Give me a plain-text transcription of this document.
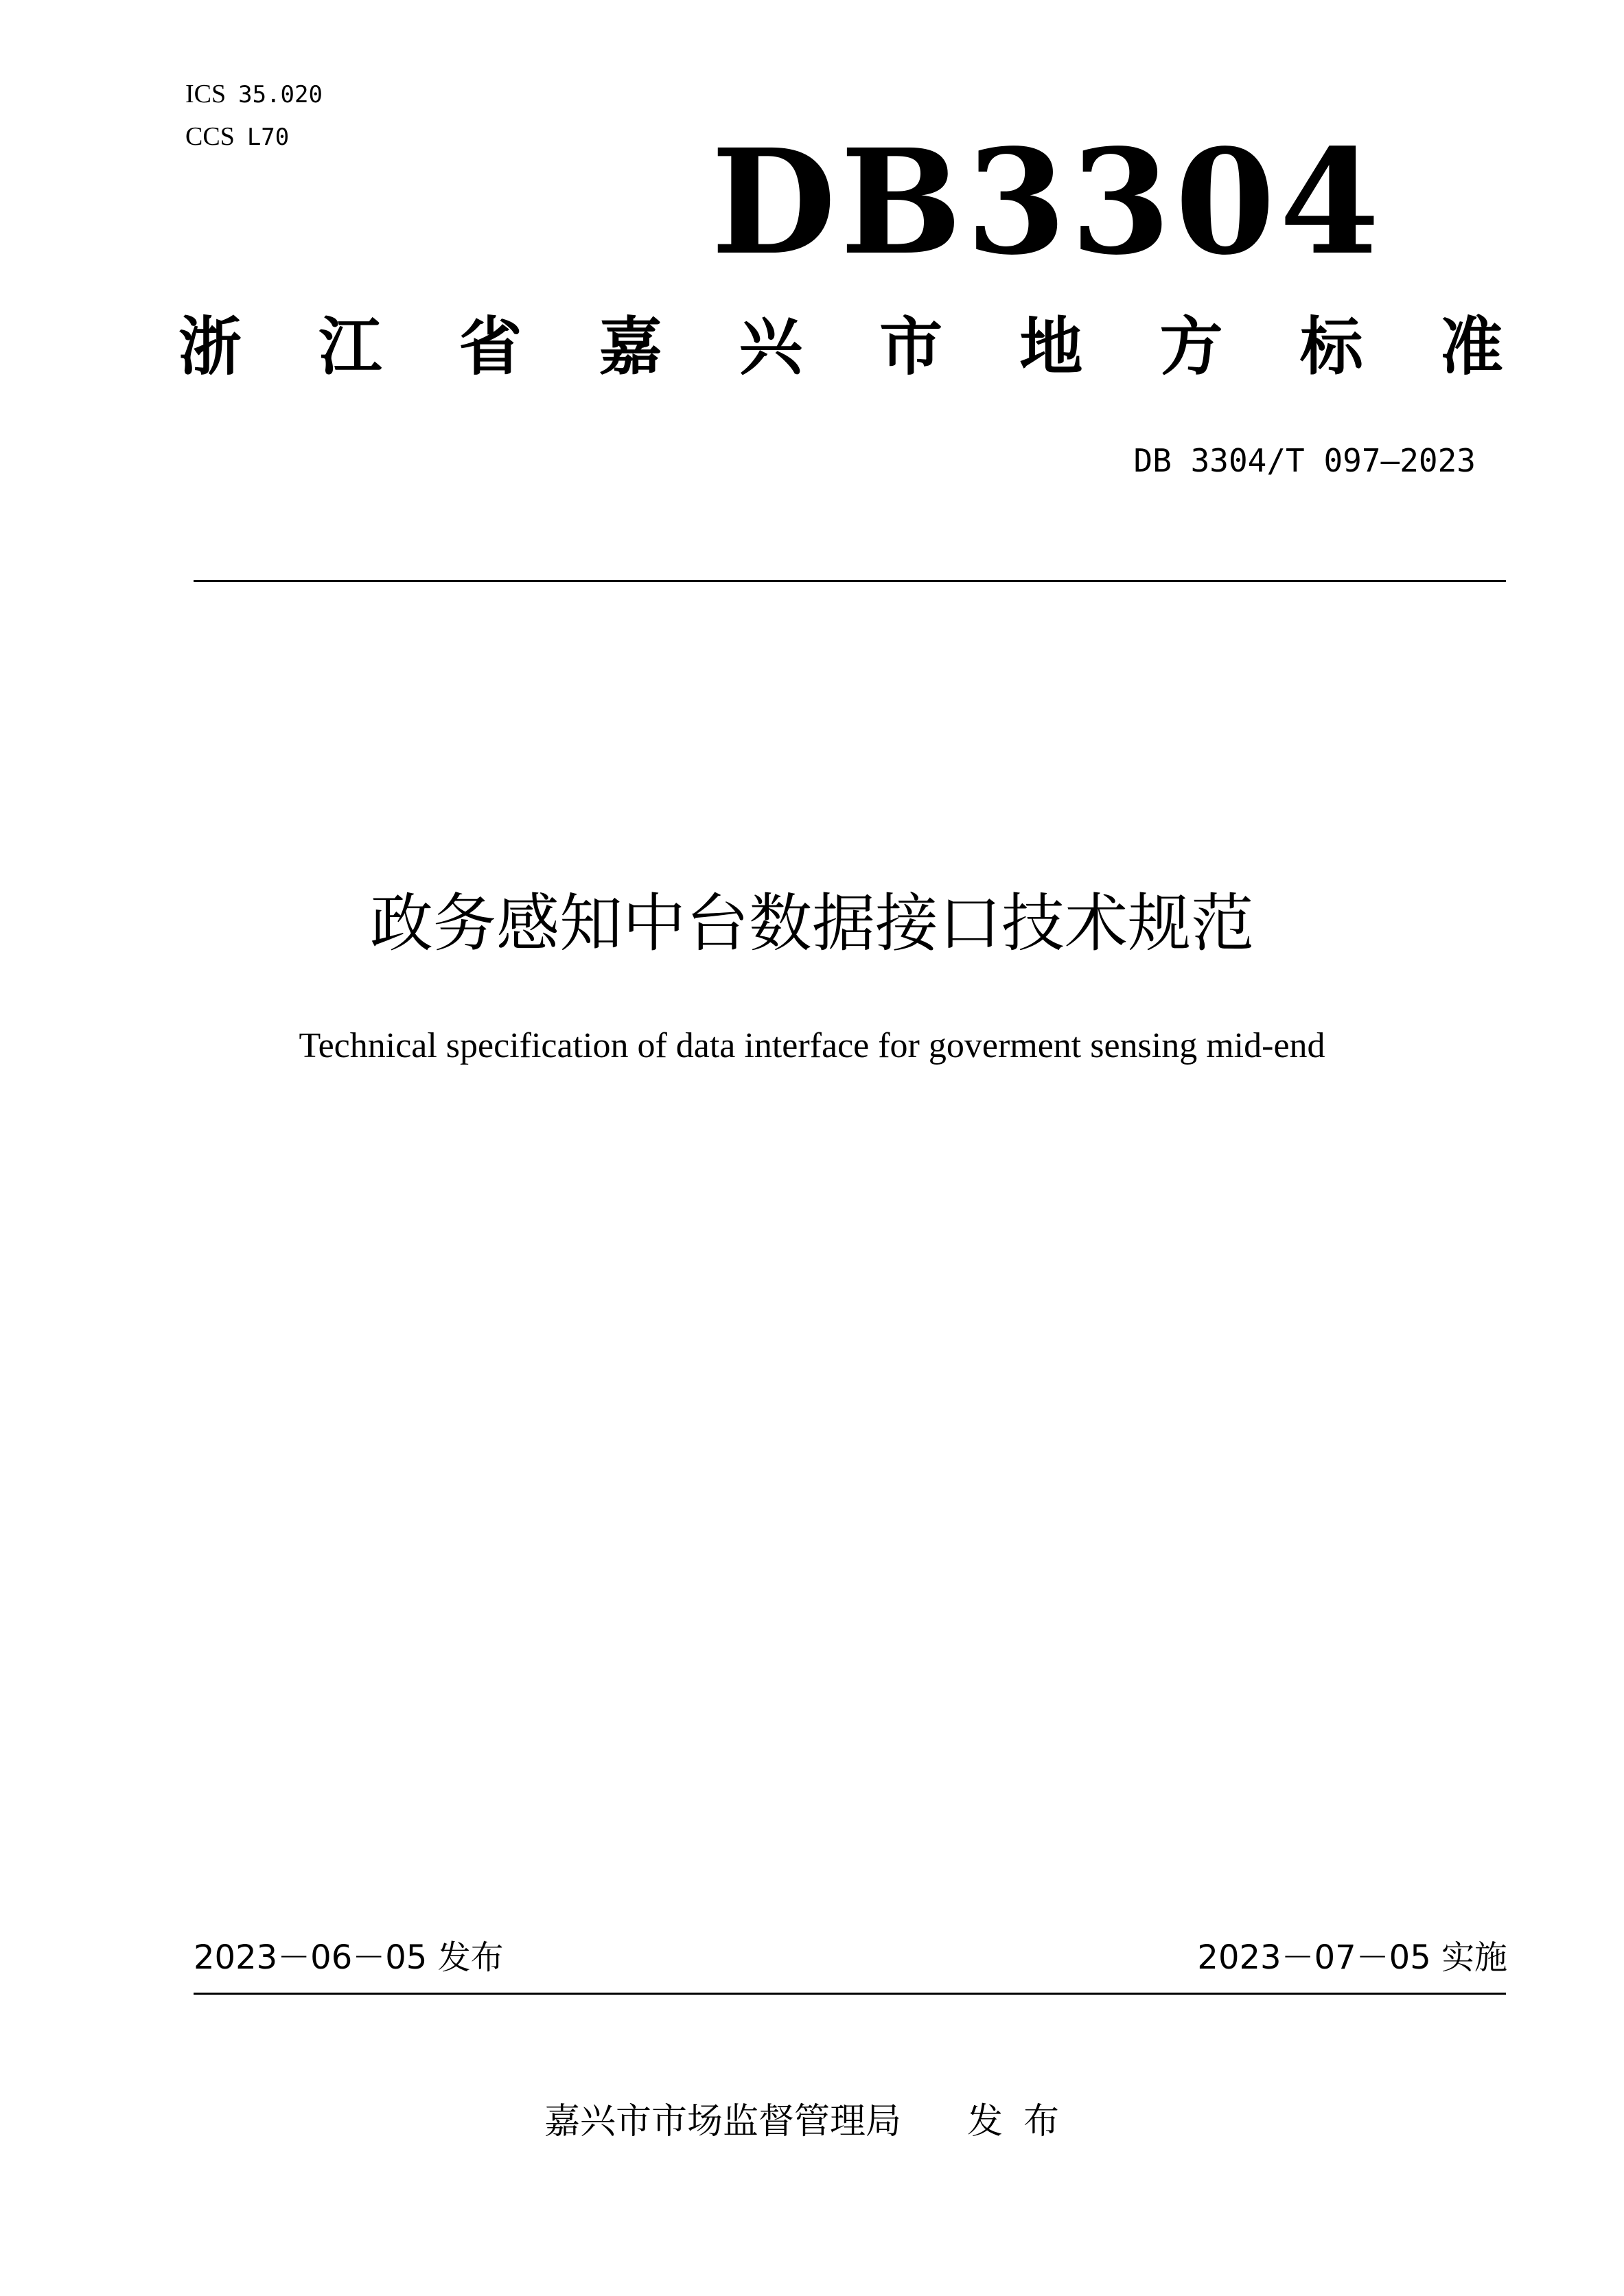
ICS 35.020
CCS L70	DB3304
浙 江 省 嘉 兴 市 地 方 标 准
DB 3304/T 097—2023
政务感知中台数据接口技术规范
Technical specification of data interface for goverment sensing mid-end
2023－06－05 发布	2023－07－05 实施
嘉兴市市场监督管理局 发布
